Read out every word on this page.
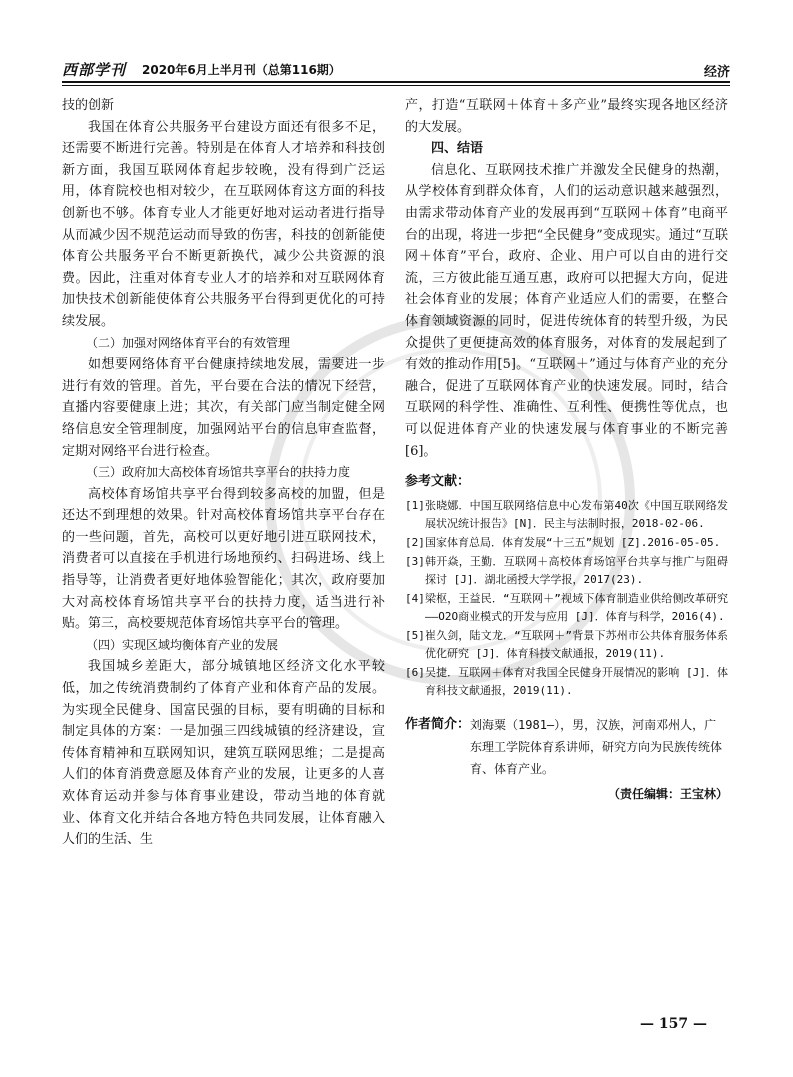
西部学刊 2020年6月上半月刊（总第116期）	经济

技的创新

我国在体育公共服务平台建设方面还有很多不足，还需要不断进行完善。特别是在体育人才培养和科技创新方面，我国互联网体育起步较晚，没有得到广泛运用，体育院校也相对较少，在互联网体育这方面的科技创新也不够。体育专业人才能更好地对运动者进行指导从而减少因不规范运动而导致的伤害，科技的创新能使体育公共服务平台不断更新换代，减少公共资源的浪费。因此，注重对体育专业人才的培养和对互联网体育加快技术创新能使体育公共服务平台得到更优化的可持续发展。

（二）加强对网络体育平台的有效管理

如想要网络体育平台健康持续地发展，需要进一步进行有效的管理。首先，平台要在合法的情况下经营，直播内容要健康上进；其次，有关部门应当制定健全网络信息安全管理制度，加强网站平台的信息审查监督，定期对网络平台进行检查。

（三）政府加大高校体育场馆共享平台的扶持力度

高校体育场馆共享平台得到较多高校的加盟，但是还达不到理想的效果。针对高校体育场馆共享平台存在的一些问题，首先，高校可以更好地引进互联网技术，消费者可以直接在手机进行场地预约、扫码进场、线上指导等，让消费者更好地体验智能化；其次，政府要加大对高校体育场馆共享平台的扶持力度，适当进行补贴。第三，高校要规范体育场馆共享平台的管理。

（四）实现区域均衡体育产业的发展

我国城乡差距大，部分城镇地区经济文化水平较低，加之传统消费制约了体育产业和体育产品的发展。为实现全民健身、国富民强的目标，要有明确的目标和制定具体的方案：一是加强三四线城镇的经济建设，宣传体育精神和互联网知识，建筑互联网思维；二是提高人们的体育消费意愿及体育产业的发展，让更多的人喜欢体育运动并参与体育事业建设，带动当地的体育就业、体育文化并结合各地方特色共同发展，让体育融入人们的生活、生

产，打造“互联网＋体育＋多产业”最终实现各地区经济的大发展。

四、结语

信息化、互联网技术推广并激发全民健身的热潮，从学校体育到群众体育，人们的运动意识越来越强烈，由需求带动体育产业的发展再到“互联网＋体育”电商平台的出现，将进一步把“全民健身”变成现实。通过“互联网＋体育”平台，政府、企业、用户可以自由的进行交流，三方彼此能互通互惠，政府可以把握大方向，促进社会体育业的发展；体育产业适应人们的需要，在整合体育领域资源的同时，促进传统体育的转型升级，为民众提供了更便捷高效的体育服务，对体育的发展起到了有效的推动作用[5]。“互联网＋”通过与体育产业的充分融合，促进了互联网体育产业的快速发展。同时，结合互联网的科学性、准确性、互利性、便携性等优点，也可以促进体育产业的快速发展与体育事业的不断完善[6]。

参考文献：
[1] 张晓娜．中国互联网络信息中心发布第40次《中国互联网络发展状况统计报告》[N]．民主与法制时报，2018-02-06.
[2] 国家体育总局．体育发展“十三五”规划 [Z].2016-05-05.
[3] 韩开焱，王勤．互联网＋高校体育场馆平台共享与推广与阻碍探讨 [J]．湖北函授大学学报，2017(23).
[4] 梁枢，王益民．“互联网＋”视域下体育制造业供给侧改革研究——O2O商业模式的开发与应用 [J]．体育与科学，2016(4).
[5] 崔久剑，陆文龙．“互联网＋”背景下苏州市公共体育服务体系优化研究 [J]．体育科技文献通报，2019(11).
[6] 吴捷．互联网＋体育对我国全民健身开展情况的影响 [J]．体育科技文献通报，2019(11).
作者简介： 刘海粟（1981—），男，汉族，河南邓州人，广东理工学院体育系讲师，研究方向为民族传统体育、体育产业。
（责任编辑：王宝林）
— 157 —
